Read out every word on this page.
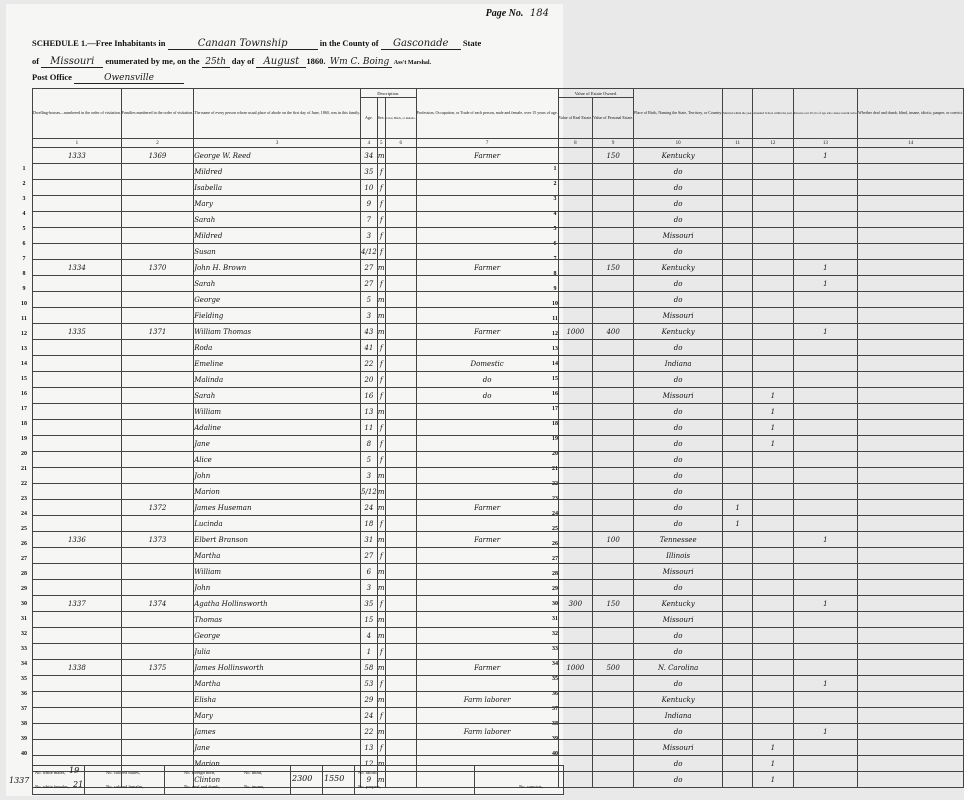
Page No. 184
SCHEDULE 1.—Free Inhabitants in	Canaan Township	in the County of Gasconade State
of Missouri enumerated by me, on the 25th day of August 1860. Wm C. Boing Ass't Marshal.
Post Office	Owensville
1
2
3
4
5
6
7
8
9
10
11
12
13
14
15
16
17
18
19
20
21
22
23
24
25
26
27
28
29
30
31
32
33
34
35
36
37
38
39
40
1
2
3
4
5
6
7
8
9
10
11
12
13
14
15
16
17
18
19
20
21
22
23
24
25
26
27
28
29
30
31
32
33
34
35
36
37
38
39
40
Dwelling-houses—numbered in the order of visitation.	Families numbered in the order of visitation.	The name of every person whose usual place of abode on the first day of June, 1860, was in this family.	Description.			Profession, Occupation, or Trade of each person, male and female, over 15 years of age.	Value of Estate Owned.		Place of Birth, Naming the State, Territory, or Country.	Married within the year.	Attended School within the year.	Persons over 20 y'rs of age who cannot read & write.	Whether deaf and dumb, blind, insane, idiotic, pauper, or convict.
			Age.	Sex.	Color, Black, or mulatto.		Value of Real Estate.	Value of Personal Estate.					
1	2	3	4	5	6	7	8	9	10	11	12	13	14
1333	1369	George W. Reed	34	m		Farmer		150	Kentucky			1	
		Mildred	35	f					do				
		Isabella	10	f					do				
		Mary	9	f					do				
		Sarah	7	f					do				
		Mildred	3	f					Missouri				
		Susan	4/12	f					do				
1334	1370	John H. Brown	27	m		Farmer		150	Kentucky			1	
		Sarah	27	f					do			1	
		George	5	m					do				
		Fielding	3	m					Missouri				
1335	1371	William Thomas	43	m		Farmer	1000	400	Kentucky			1	
		Roda	41	f					do				
		Emeline	22	f		Domestic			Indiana				
		Malinda	20	f		do			do				
		Sarah	16	f		do			Missouri		1		
		William	13	m					do		1		
		Adaline	11	f					do		1		
		Jane	8	f					do		1		
		Alice	5	f					do				
		John	3	m					do				
		Marion	5/12	m					do				
	1372	James Huseman	24	m		Farmer			do	1			
		Lucinda	18	f					do	1			
1336	1373	Elbert Branson	31	m		Farmer		100	Tennessee			1	
		Martha	27	f					Illinois				
		William	6	m					Missouri				
		John	3	m					do				
1337	1374	Agatha Hollinsworth	35	f			300	150	Kentucky			1	
		Thomas	15	m					Missouri				
		George	4	m					do				
		Julia	1	f					do				
1338	1375	James Hollinsworth	58	m		Farmer	1000	500	N. Carolina				
		Martha	53	f					do			1	
		Elisha	29	m		Farm laborer			Kentucky				
		Mary	24	f					Indiana				
		James	22	m		Farm laborer			do			1	
		Jane	13	f					Missouri		1		
		Marion	12	m					do		1		
		Clinton	9	m					do		1		
1337
No. white males, 19
No. white females, 21
No. colored males,
No. colored females,
No. foreign born,
No. deaf and dumb,
No. blind,
No. insane,
2300 1550
No. idiotic,
No. paupers,	No. convicts,
